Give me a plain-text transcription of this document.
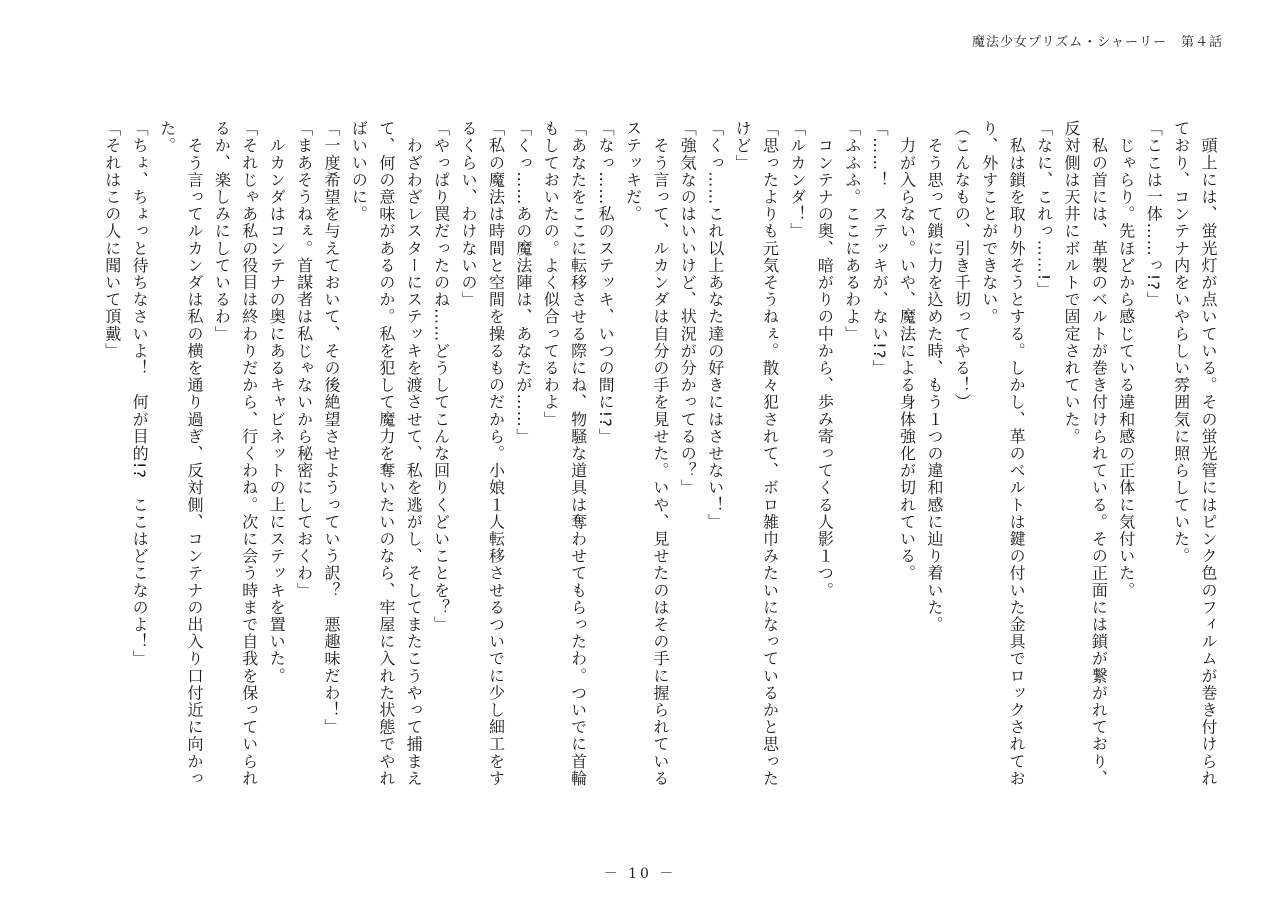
魔法少女プリズム・シャーリー　第４話

　頭上には、蛍光灯が点いている。その蛍光管にはピンク色のフィルムが巻き付けられており、コンテナ内をいやらしい雰囲気に照らしていた。

「ここは一体……っ!?」

　じゃらり。先ほどから感じている違和感の正体に気付いた。

　私の首には、革製のベルトが巻き付けられている。その正面には鎖が繋がれており、反対側は天井にボルトで固定されていた。

「なに、これっ……!」

　私は鎖を取り外そうとする。しかし、革のベルトは鍵の付いた金具でロックされており、外すことができない。

（こんなもの、引き千切ってやる！）

　そう思って鎖に力を込めた時、もう１つの違和感に辿り着いた。

　力が入らない。いや、魔法による身体強化が切れている。

「……！　ステッキが、ない!?」

「ふふふ。ここにあるわよ」

　コンテナの奥、暗がりの中から、歩み寄ってくる人影１つ。

「ルカンダ！」

「思ったよりも元気そうねぇ。散々犯されて、ボロ雑巾みたいになっているかと思ったけど」

「くっ……これ以上あなた達の好きにはさせない！」

「強気なのはいいけど、状況が分かってるの？」

　そう言って、ルカンダは自分の手を見せた。いや、見せたのはその手に握られているステッキだ。

「なっ……私のステッキ、いつの間に!?」

「あなたをここに転移させる際にね、物騒な道具は奪わせてもらったわ。ついでに首輪もしておいたの。よく似合ってるわよ」

「くっ……あの魔法陣は、あなたが……」

「私の魔法は時間と空間を操るものだから。小娘１人転移させるついでに少し細工をするくらい、わけないの」

「やっぱり罠だったのね……どうしてこんな回りくどいことを？」

　わざわざレスターにステッキを渡させて、私を逃がし、そしてまたこうやって捕まえて、何の意味があるのか。私を犯して魔力を奪いたいのなら、牢屋に入れた状態でやればいいのに。

「一度希望を与えておいて、その後絶望させようっていう訳？　悪趣味だわ！」

「まあそうねぇ。首謀者は私じゃないから秘密にしておくわ」

　ルカンダはコンテナの奥にあるキャビネットの上にステッキを置いた。

「それじゃあ私の役目は終わりだから、行くわね。次に会う時まで自我を保っていられるか、楽しみにしているわ」

　そう言ってルカンダは私の横を通り過ぎ、反対側、コンテナの出入り口付近に向かった。

「ちょ、ちょっと待ちなさいよ！　何が目的!?　ここはどこなのよ！」

「それはこの人に聞いて頂戴」

－ 10 －
